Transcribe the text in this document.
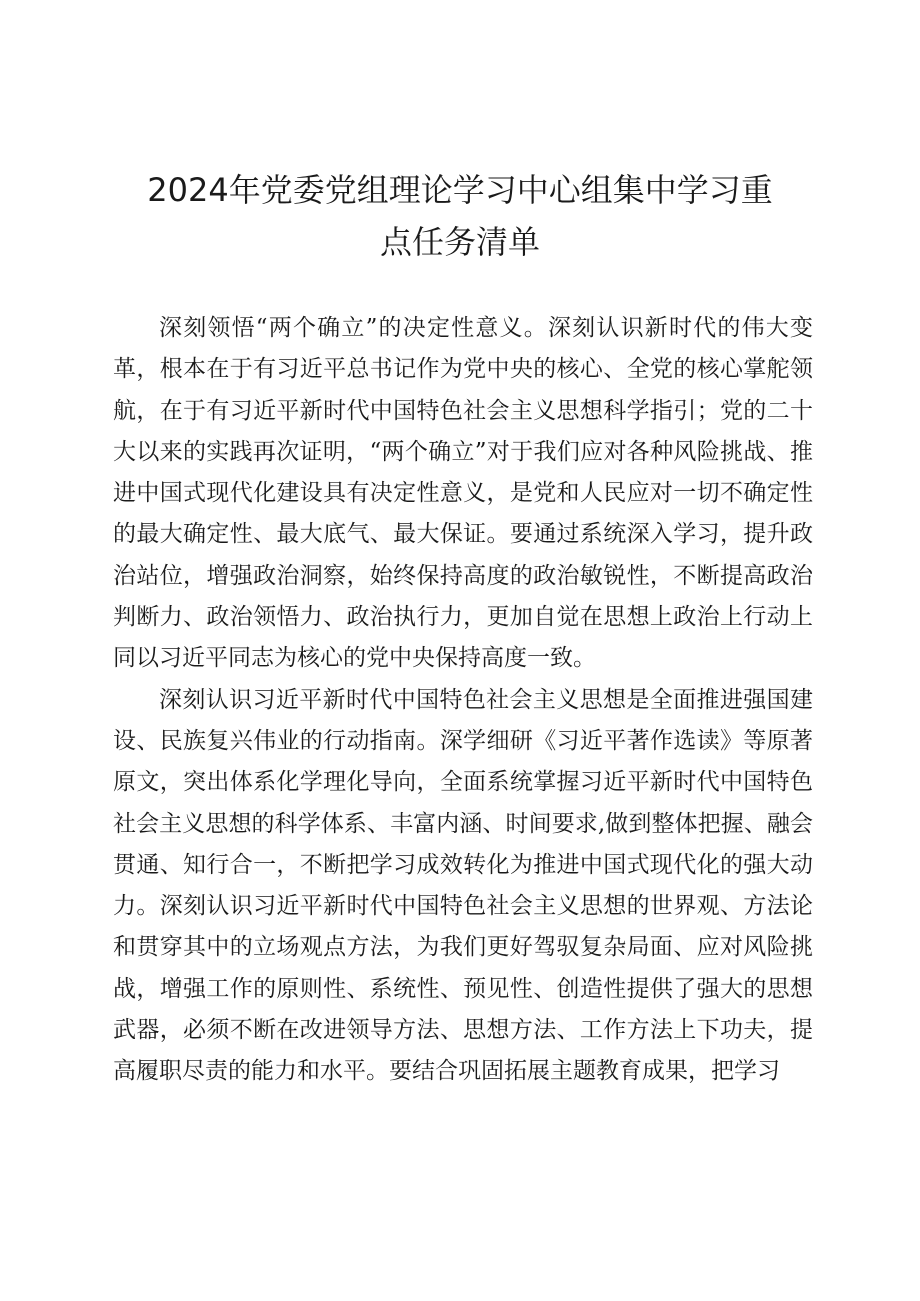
2024年党委党组理论学习中心组集中学习重
点任务清单

深刻领悟“两个确立”的决定性意义。深刻认识新时代的伟大变革，根本在于有习近平总书记作为党中央的核心、全党的核心掌舵领航，在于有习近平新时代中国特色社会主义思想科学指引；党的二十大以来的实践再次证明，“两个确立”对于我们应对各种风险挑战、推进中国式现代化建设具有决定性意义，是党和人民应对一切不确定性的最大确定性、最大底气、最大保证。要通过系统深入学习，提升政治站位，增强政治洞察，始终保持高度的政治敏锐性，不断提高政治判断力、政治领悟力、政治执行力，更加自觉在思想上政治上行动上同以习近平同志为核心的党中央保持高度一致。

深刻认识习近平新时代中国特色社会主义思想是全面推进强国建设、民族复兴伟业的行动指南。深学细研《习近平著作选读》等原著原文，突出体系化学理化导向，全面系统掌握习近平新时代中国特色社会主义思想的科学体系、丰富内涵、时间要求,做到整体把握、融会贯通、知行合一，不断把学习成效转化为推进中国式现代化的强大动力。深刻认识习近平新时代中国特色社会主义思想的世界观、方法论和贯穿其中的立场观点方法，为我们更好驾驭复杂局面、应对风险挑战，增强工作的原则性、系统性、预见性、创造性提供了强大的思想武器，必须不断在改进领导方法、思想方法、工作方法上下功夫，提高履职尽责的能力和水平。要结合巩固拓展主题教育成果，把学习
